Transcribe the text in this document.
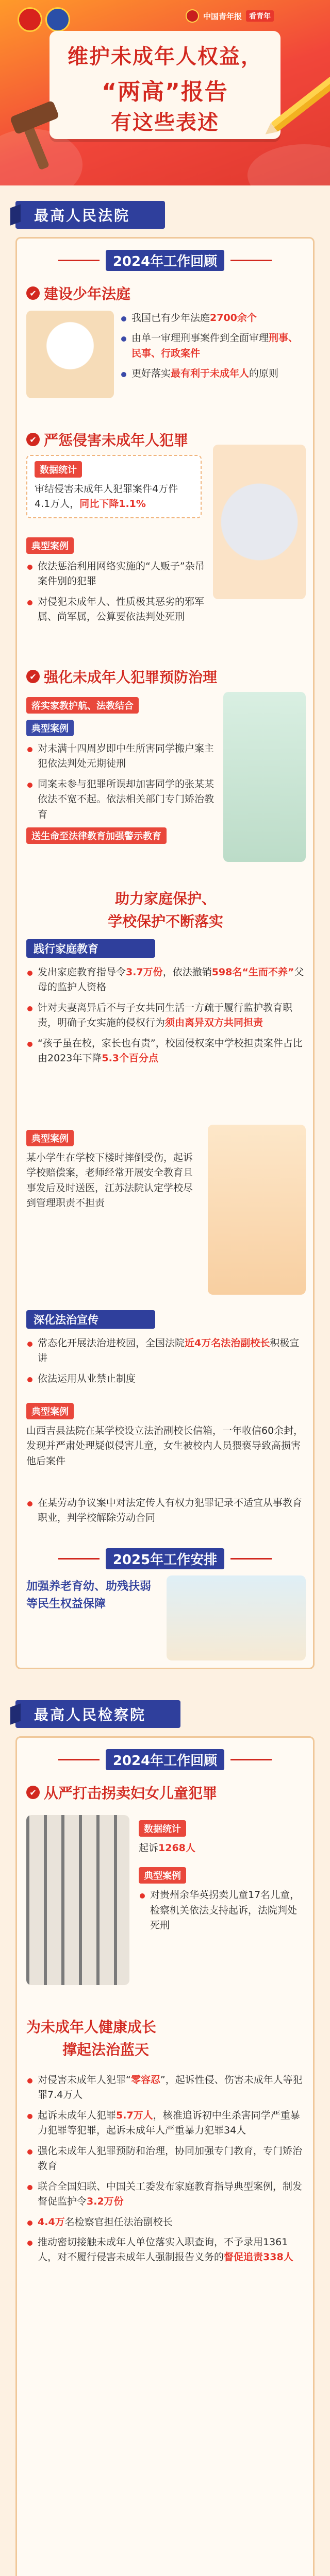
中国青年报	看青年
维护未成年人权益，
“两高”报告
有这些表述
最高人民法院
2024年工作回顾
✔ 建设少年法庭
我国已有少年法庭2700余个
由单一审理刑事案件到全面审理刑事、民事、行政案件
更好落实最有利于未成年人的原则
✔ 严惩侵害未成年人犯罪
数据统计
审结侵害未成年人犯罪案件4万件4.1万人，同比下降1.1%
典型案例
依法惩治利用网络实施的“人贩子”杂吊案件别的犯罪
对侵犯未成年人、性质极其恶劣的邪军属、尚军属，公算要依法判处死刑
✔ 强化未成年人犯罪预防治理
落实家教护航、法教结合
典型案例
对未满十四周岁即中生所害同学搬户案主犯依法判处无期徒刑
同案未参与犯罪所误却加害同学的张某某依法不宽不起。依法相关部门专门矫治教育
送生命至法律教育加强警示教育
助力家庭保护、
学校保护不断落实
践行家庭教育
发出家庭教育指导令3.7万份，依法撤销598名“生而不养”父母的监护人资格
针对夫妻离异后不与子女共同生活一方疏于履行监护教育职责，明确子女实施的侵权行为须由离异双方共同担责
“孩子虽在校，家长也有责”，校园侵权案中学校担责案件占比由2023年下降5.3个百分点
典型案例
某小学生在学校下楼时摔倒受伤，起诉学校赔偿案，老师经常开展安全教育且事发后及时送医，江苏法院认定学校尽到管理职责不担责
深化法治宣传
常态化开展法治进校园，全国法院近4万名法治副校长积极宣讲
依法运用从业禁止制度
典型案例
山西吉县法院在某学校设立法治副校长信箱，一年收信60余封，发现并严肃处理疑似侵害儿童，女生被校内人员猥亵导致高损害他后案件
在某劳动争议案中对法定传人有权力犯罪记录不适宜从事教育职业，判学校解除劳动合同
2025年工作安排
加强养老育幼、助残扶弱等民生权益保障
最高人民检察院
2024年工作回顾
✔ 从严打击拐卖妇女儿童犯罪
数据统计
起诉1268人
典型案例
对贵州余华英拐卖儿童17名儿童，检察机关依法支持起诉，法院判处死刑
为未成年人健康成长
撑起法治蓝天
对侵害未成年人犯罪“零容忍”，起诉性侵、伤害未成年人等犯罪7.4万人
起诉未成年人犯罪5.7万人，核准追诉初中生杀害同学严重暴力犯罪等犯罪，起诉未成年人严重暴力犯罪34人
强化未成年人犯罪预防和治理，协同加强专门教育，专门矫治教育
联合全国妇联、中国关工委发布家庭教育指导典型案例，制发督促监护令3.2万份
4.4万名检察官担任法治副校长
推动密切接触未成年人单位落实入职查询，不予录用1361人，对不履行侵害未成年人强制报告义务的督促追责338人
